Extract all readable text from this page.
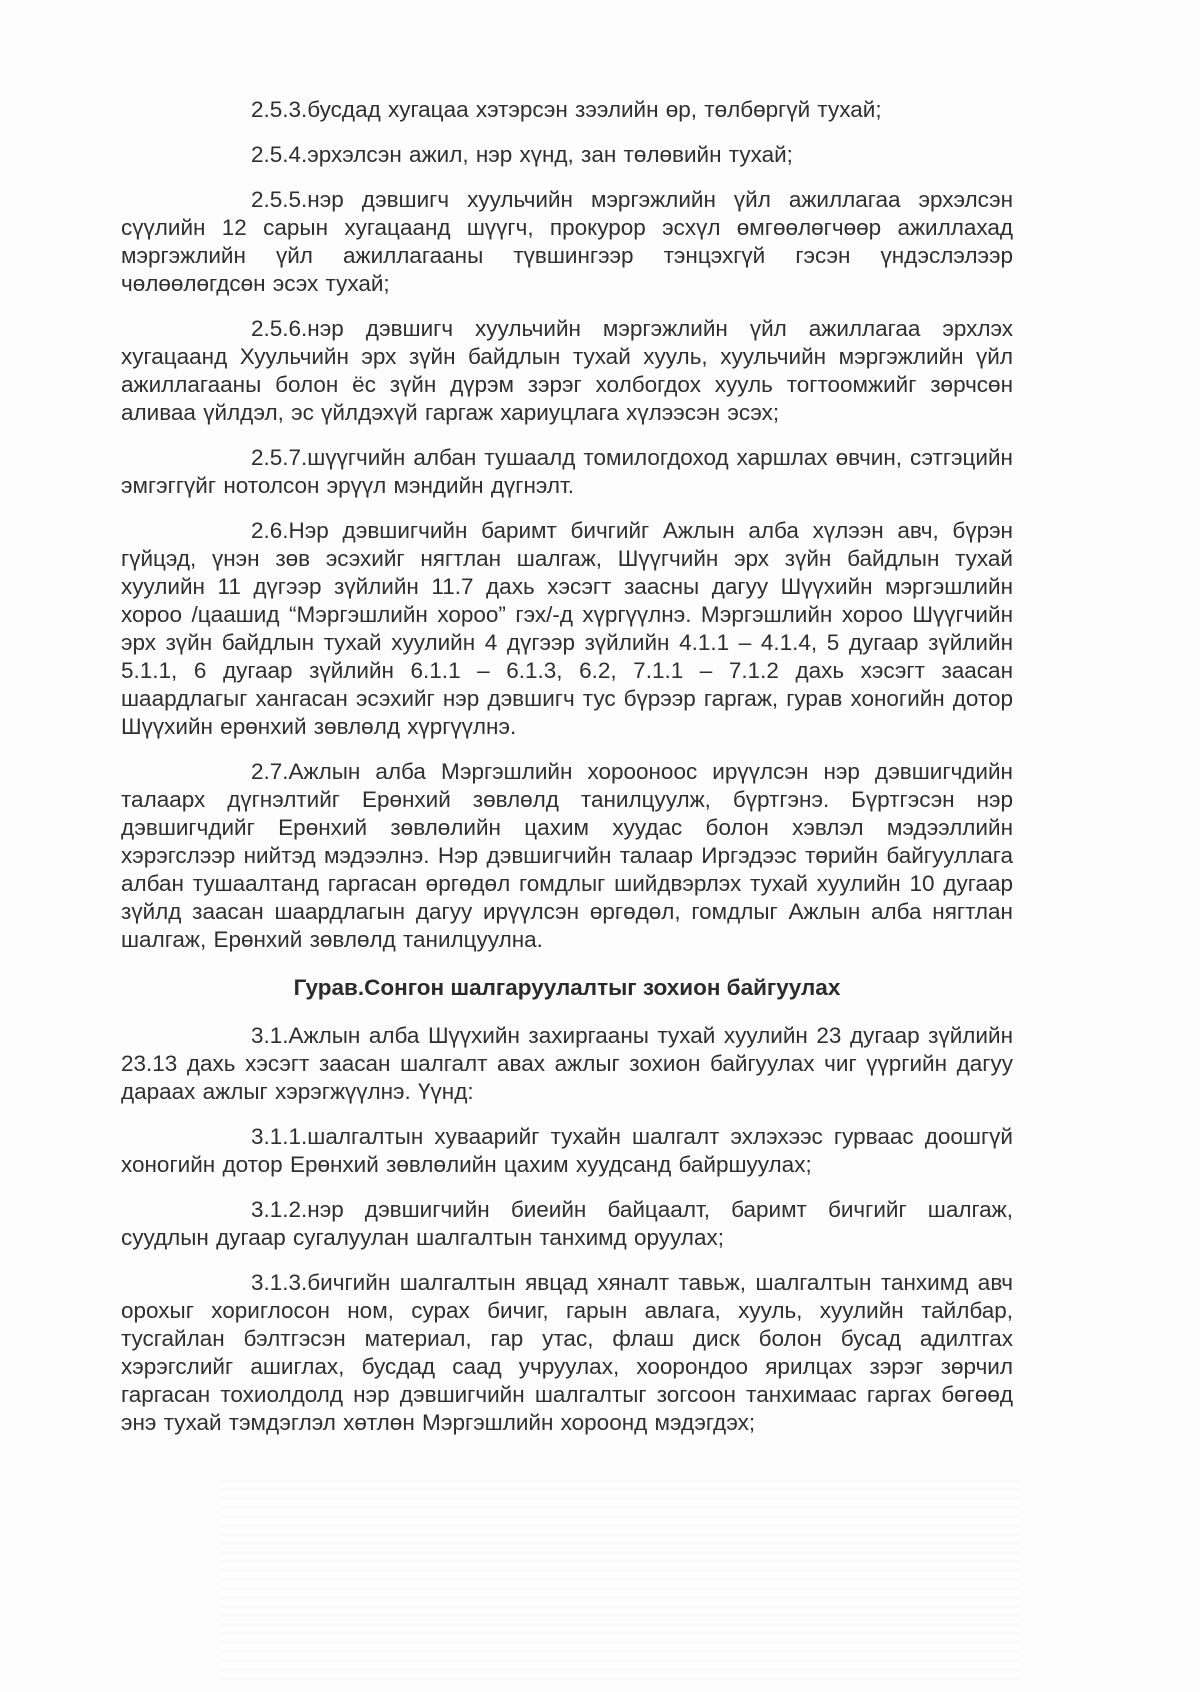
2.5.3.бусдад хугацаа хэтэрсэн зээлийн өр, төлбөргүй тухай;

2.5.4.эрхэлсэн ажил, нэр хүнд, зан төлөвийн тухай;

2.5.5.нэр дэвшигч хуульчийн мэргэжлийн үйл ажиллагаа эрхэлсэн сүүлийн 12 сарын хугацаанд шүүгч, прокурор эсхүл өмгөөлөгчөөр ажиллахад мэргэжлийн үйл ажиллагааны түвшингээр тэнцэхгүй гэсэн үндэслэлээр чөлөөлөгдсөн эсэх тухай;

2.5.6.нэр дэвшигч хуульчийн мэргэжлийн үйл ажиллагаа эрхлэх хугацаанд Хуульчийн эрх зүйн байдлын тухай хууль, хуульчийн мэргэжлийн үйл ажиллагааны болон ёс зүйн дүрэм зэрэг холбогдох хууль тогтоомжийг зөрчсөн аливаа үйлдэл, эс үйлдэхүй гаргаж хариуцлага хүлээсэн эсэх;

2.5.7.шүүгчийн албан тушаалд томилогдоход харшлах өвчин, сэтгэцийн эмгэггүйг нотолсон эрүүл мэндийн дүгнэлт.

2.6.Нэр дэвшигчийн баримт бичгийг Ажлын алба хүлээн авч, бүрэн гүйцэд, үнэн зөв эсэхийг нягтлан шалгаж, Шүүгчийн эрх зүйн байдлын тухай хуулийн 11 дүгээр зүйлийн 11.7 дахь хэсэгт заасны дагуу Шүүхийн мэргэшлийн хороо /цаашид “Мэргэшлийн хороо” гэх/-д хүргүүлнэ. Мэргэшлийн хороо Шүүгчийн эрх зүйн байдлын тухай хуулийн 4 дүгээр зүйлийн 4.1.1 – 4.1.4, 5 дугаар зүйлийн 5.1.1, 6 дугаар зүйлийн 6.1.1 – 6.1.3, 6.2, 7.1.1 – 7.1.2 дахь хэсэгт заасан шаардлагыг хангасан эсэхийг нэр дэвшигч тус бүрээр гаргаж, гурав хоногийн дотор Шүүхийн ерөнхий зөвлөлд хүргүүлнэ.

2.7.Ажлын алба Мэргэшлийн хорооноос ирүүлсэн нэр дэвшигчдийн талаарх дүгнэлтийг Ерөнхий зөвлөлд танилцуулж, бүртгэнэ. Бүртгэсэн нэр дэвшигчдийг Ерөнхий зөвлөлийн цахим хуудас болон хэвлэл мэдээллийн хэрэгслээр нийтэд мэдээлнэ. Нэр дэвшигчийн талаар Иргэдээс төрийн байгууллага албан тушаалтанд гаргасан өргөдөл гомдлыг шийдвэрлэх тухай хуулийн 10 дугаар зүйлд заасан шаардлагын дагуу ирүүлсэн өргөдөл, гомдлыг Ажлын алба нягтлан шалгаж, Ерөнхий зөвлөлд танилцуулна.

Гурав.Сонгон шалгаруулалтыг зохион байгуулах

3.1.Ажлын алба Шүүхийн захиргааны тухай хуулийн 23 дугаар зүйлийн 23.13 дахь хэсэгт заасан шалгалт авах ажлыг зохион байгуулах чиг үүргийн дагуу дараах ажлыг хэрэгжүүлнэ. Үүнд:

3.1.1.шалгалтын хуваарийг тухайн шалгалт эхлэхээс гурваас доошгүй хоногийн дотор Ерөнхий зөвлөлийн цахим хуудсанд байршуулах;

3.1.2.нэр дэвшигчийн биеийн байцаалт, баримт бичгийг шалгаж, суудлын дугаар сугалуулан шалгалтын танхимд оруулах;

3.1.3.бичгийн шалгалтын явцад хяналт тавьж, шалгалтын танхимд авч орохыг хориглосон ном, сурах бичиг, гарын авлага, хууль, хуулийн тайлбар, тусгайлан бэлтгэсэн материал, гар утас, флаш диск болон бусад адилтгах хэрэгслийг ашиглах, бусдад саад учруулах, хоорондоо ярилцах зэрэг зөрчил гаргасан тохиолдолд нэр дэвшигчийн шалгалтыг зогсоон танхимаас гаргах бөгөөд энэ тухай тэмдэглэл хөтлөн Мэргэшлийн хороонд мэдэгдэх;
